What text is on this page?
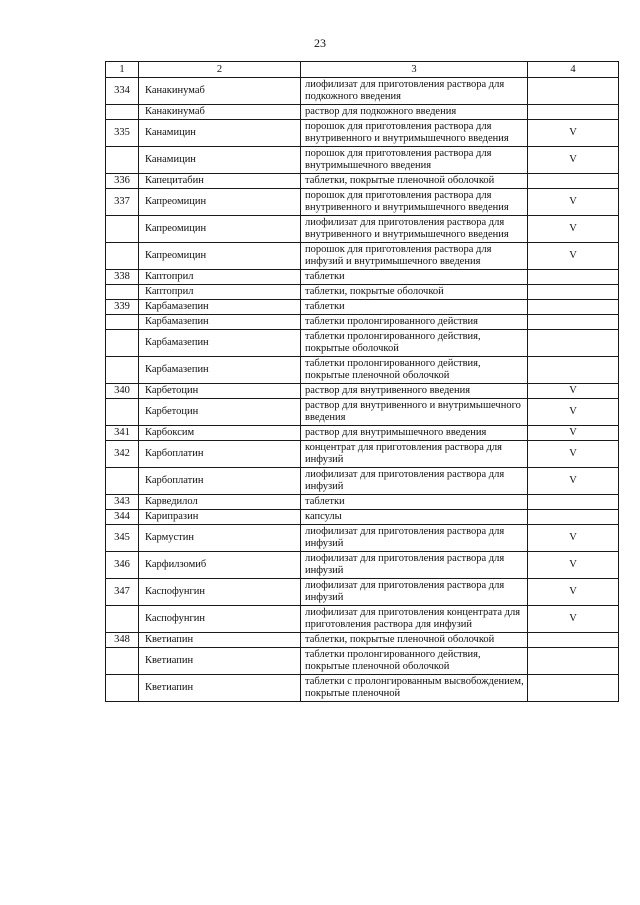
23
1	2	3	4
334	Канакинумаб	лиофилизат для приготовления раствора для подкожного введения	
	Канакинумаб	раствор для подкожного введения	
335	Канамицин	порошок для приготовления раствора для внутривенного и внутримышечного введения	V
	Канамицин	порошок для приготовления раствора для внутримышечного введения	V
336	Капецитабин	таблетки, покрытые пленочной оболочкой	
337	Капреомицин	порошок для приготовления раствора для внутривенного и внутримышечного введения	V
	Капреомицин	лиофилизат для приготовления раствора для внутривенного и внутримышечного введения	V
	Капреомицин	порошок для приготовления раствора для инфузий и внутримышечного введения	V
338	Каптоприл	таблетки	
	Каптоприл	таблетки, покрытые оболочкой	
339	Карбамазепин	таблетки	
	Карбамазепин	таблетки пролонгированного действия	
	Карбамазепин	таблетки пролонгированного действия, покрытые оболочкой	
	Карбамазепин	таблетки пролонгированного действия, покрытые пленочной оболочкой	
340	Карбетоцин	раствор для внутривенного введения	V
	Карбетоцин	раствор для внутривенного и внутримышечного введения	V
341	Карбоксим	раствор для внутримышечного введения	V
342	Карбоплатин	концентрат для приготовления раствора для инфузий	V
	Карбоплатин	лиофилизат для приготовления раствора для инфузий	V
343	Карведилол	таблетки	
344	Карипразин	капсулы	
345	Кармустин	лиофилизат для приготовления раствора для инфузий	V
346	Карфилзомиб	лиофилизат для приготовления раствора для инфузий	V
347	Каспофунгин	лиофилизат для приготовления раствора для инфузий	V
	Каспофунгин	лиофилизат для приготовления концентрата для приготовления раствора для инфузий	V
348	Кветиапин	таблетки, покрытые пленочной оболочкой	
	Кветиапин	таблетки пролонгированного действия, покрытые пленочной оболочкой	
	Кветиапин	таблетки с пролонгированным высвобождением, покрытые пленочной	
